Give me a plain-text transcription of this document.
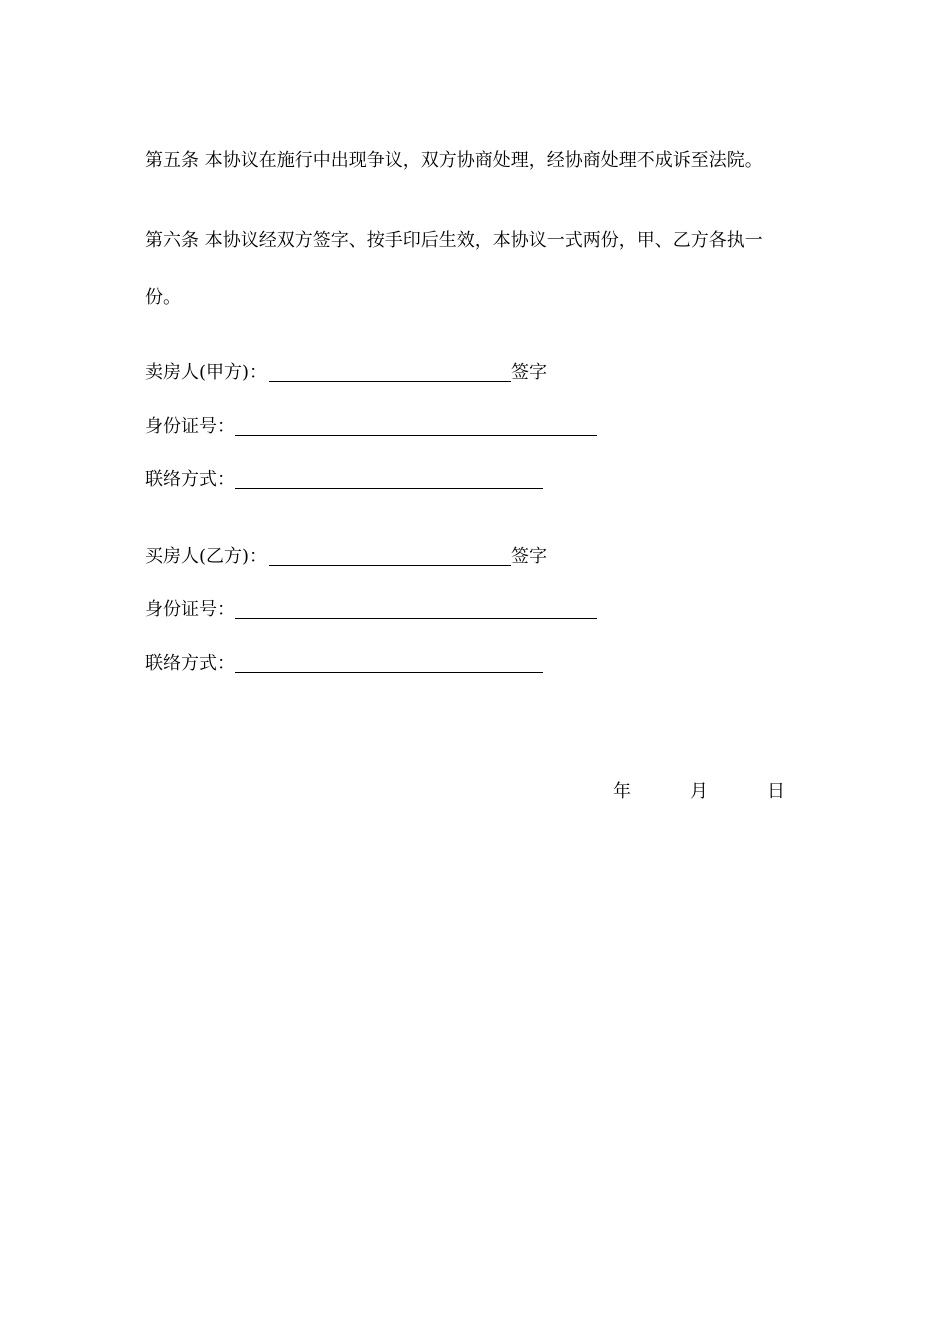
第五条 本协议在施行中出现争议，双方协商处理，经协商处理不成诉至法院。
第六条 本协议经双方签字、按手印后生效，本协议一式两份，甲、乙方各执一
份。
卖房人(甲方)：	签字
身份证号：
联络方式：
买房人(乙方)：	签字
身份证号：
联络方式：
年	月	日
